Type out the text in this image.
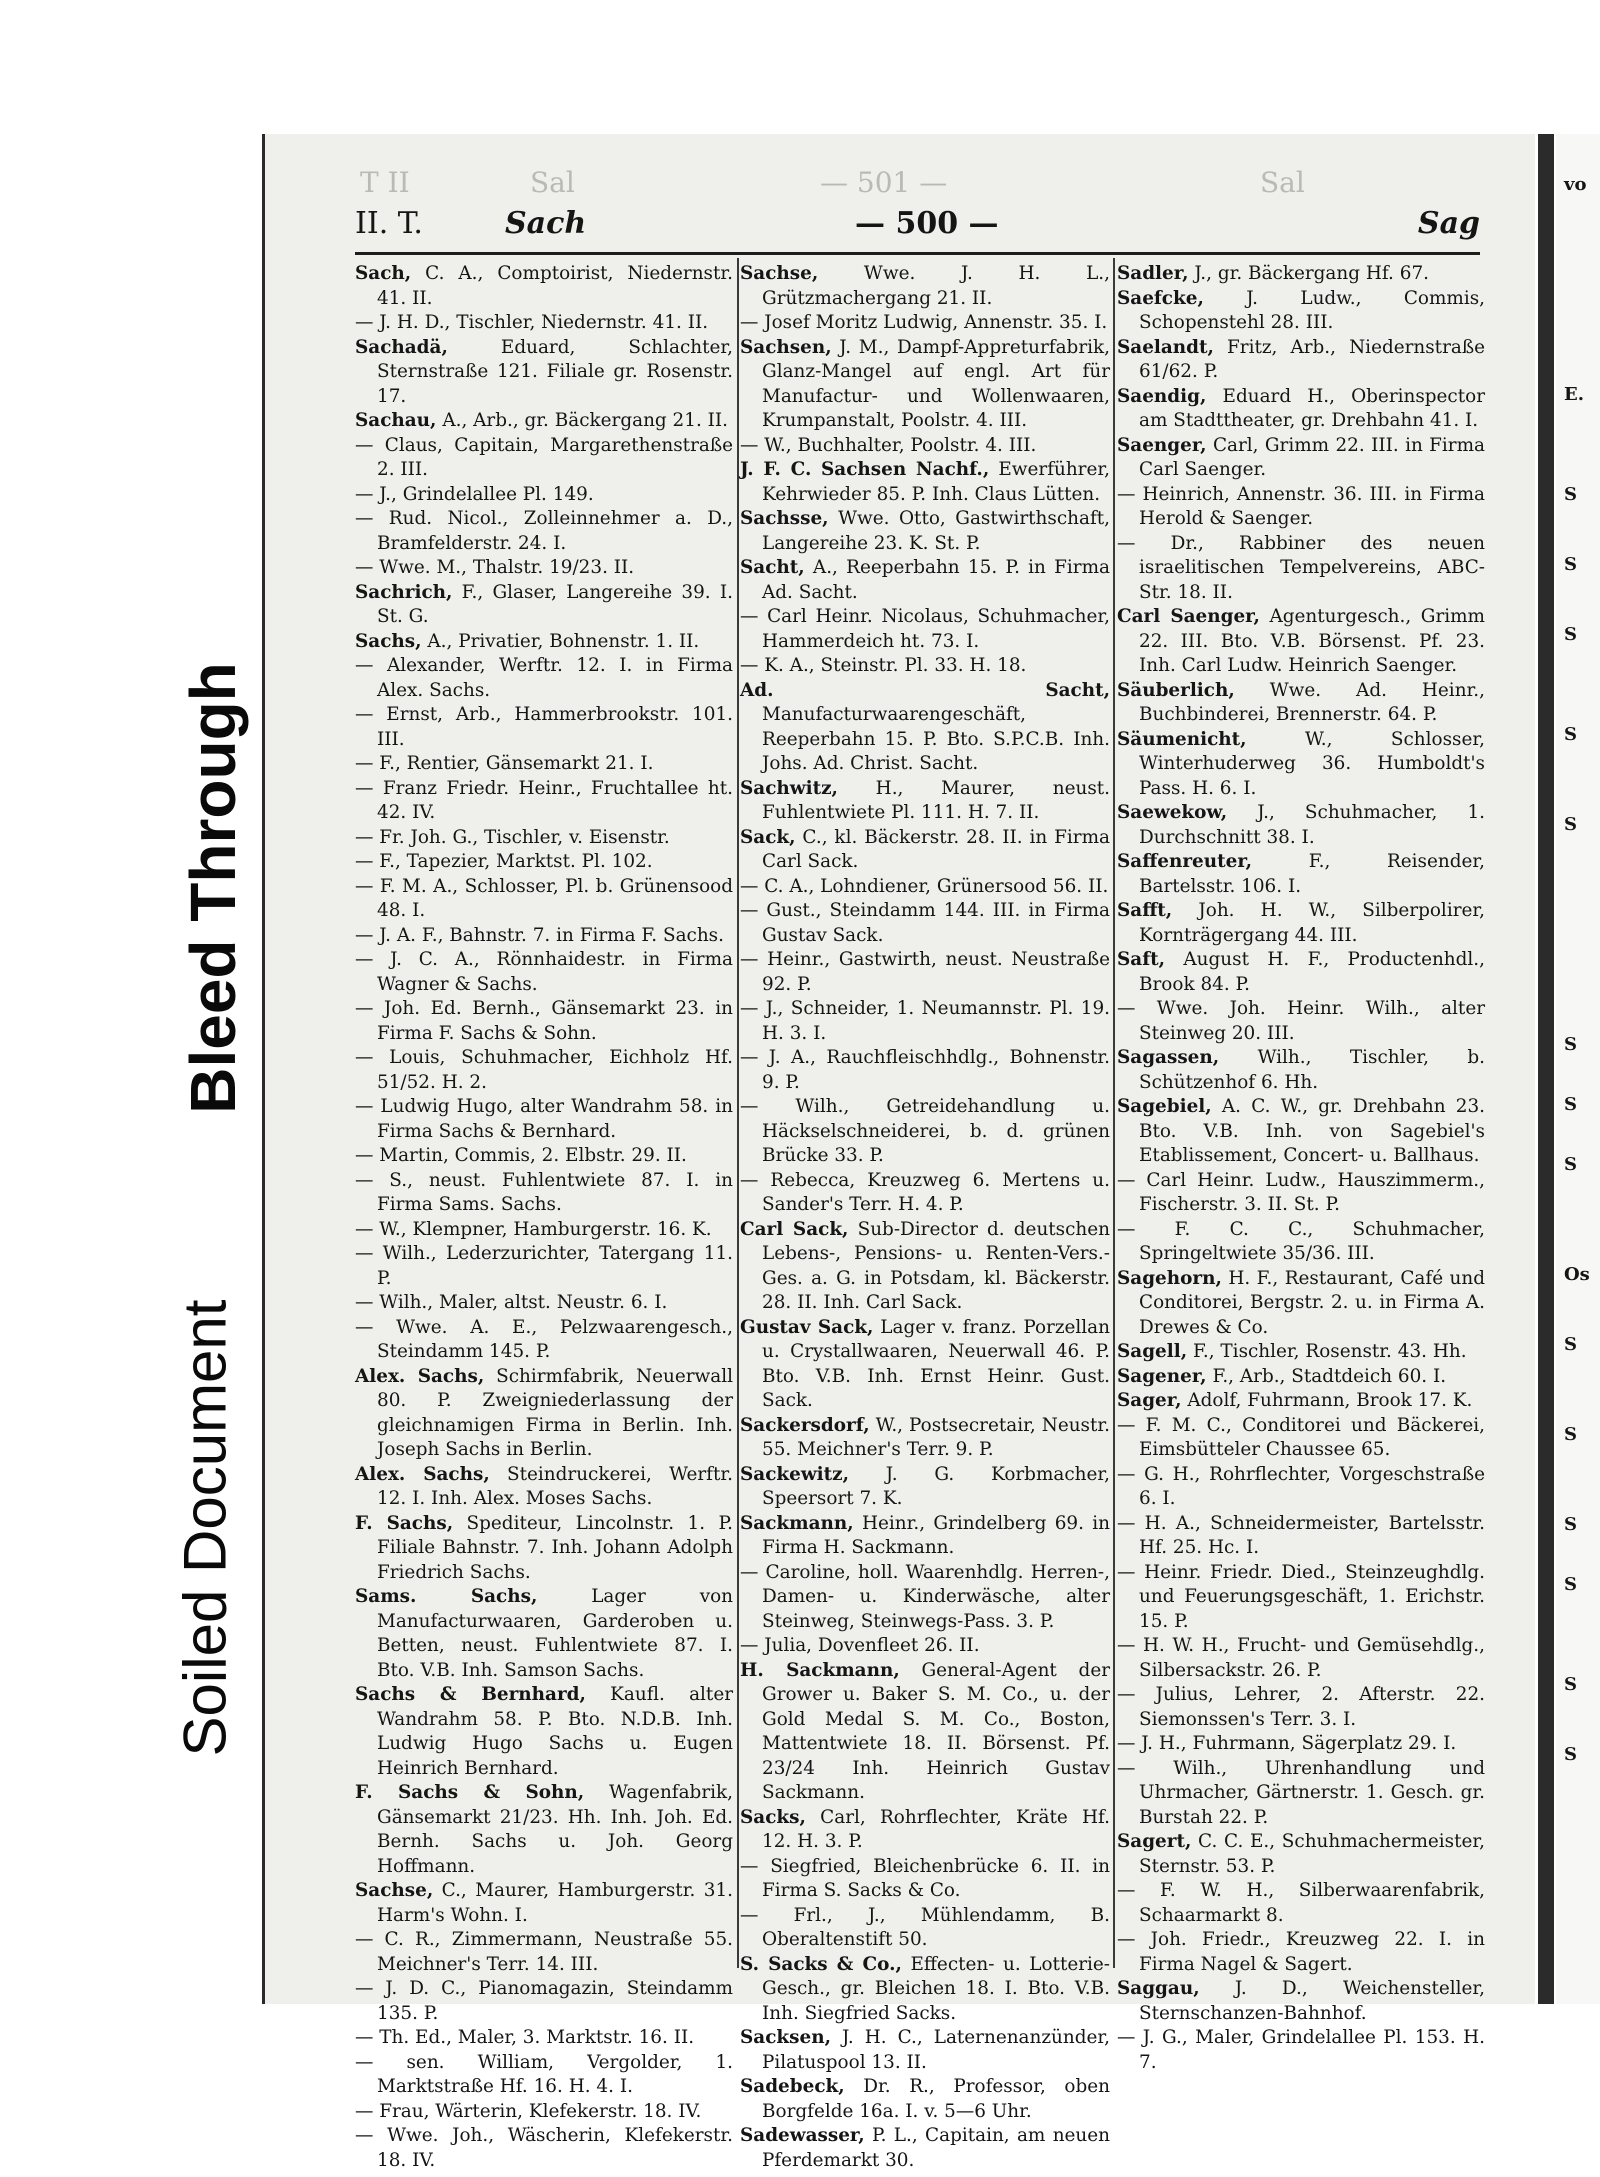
Bleed Through
Soiled Document
vo
E.
S
S
S
S
S
S
S
S
Os
S
S
S
S
S
S
T II	Sal	— 501 —	Sal
II. T.	Sach	— 500 —	Sag

Sach, C. A., Comptoirist, Niedernstr. 41. II.

— J. H. D., Tischler, Niedernstr. 41. II.

Sachadä, Eduard, Schlachter, Sternstraße 121. Filiale gr. Rosenstr. 17.

Sachau, A., Arb., gr. Bäckergang 21. II.

— Claus, Capitain, Margarethenstraße 2. III.

— J., Grindelallee Pl. 149.

— Rud. Nicol., Zolleinnehmer a. D., Bramfelderstr. 24. I.

— Wwe. M., Thalstr. 19/23. II.

Sachrich, F., Glaser, Langereihe 39. I. St. G.

Sachs, A., Privatier, Bohnenstr. 1. II.

— Alexander, Werftr. 12. I. in Firma Alex. Sachs.

— Ernst, Arb., Hammerbrookstr. 101. III.

— F., Rentier, Gänsemarkt 21. I.

— Franz Friedr. Heinr., Fruchtallee ht. 42. IV.

— Fr. Joh. G., Tischler, v. Eisenstr.

— F., Tapezier, Marktst. Pl. 102.

— F. M. A., Schlosser, Pl. b. Grünensood 48. I.

— J. A. F., Bahnstr. 7. in Firma F. Sachs.

— J. C. A., Rönnhaidestr. in Firma Wagner & Sachs.

— Joh. Ed. Bernh., Gänsemarkt 23. in Firma F. Sachs & Sohn.

— Louis, Schuhmacher, Eichholz Hf. 51/52. H. 2.

— Ludwig Hugo, alter Wandrahm 58. in Firma Sachs & Bernhard.

— Martin, Commis, 2. Elbstr. 29. II.

— S., neust. Fuhlentwiete 87. I. in Firma Sams. Sachs.

— W., Klempner, Hamburgerstr. 16. K.

— Wilh., Lederzurichter, Tatergang 11. P.

— Wilh., Maler, altst. Neustr. 6. I.

— Wwe. A. E., Pelzwaarengesch., Steindamm 145. P.

Alex. Sachs, Schirmfabrik, Neuerwall 80. P. Zweigniederlassung der gleichnamigen Firma in Berlin. Inh. Joseph Sachs in Berlin.

Alex. Sachs, Steindruckerei, Werftr. 12. I. Inh. Alex. Moses Sachs.

F. Sachs, Spediteur, Lincolnstr. 1. P. Filiale Bahnstr. 7. Inh. Johann Adolph Friedrich Sachs.

Sams. Sachs, Lager von Manufacturwaaren, Garderoben u. Betten, neust. Fuhlentwiete 87. I. Bto. V.B. Inh. Samson Sachs.

Sachs & Bernhard, Kaufl. alter Wandrahm 58. P. Bto. N.D.B. Inh. Ludwig Hugo Sachs u. Eugen Heinrich Bernhard.

F. Sachs & Sohn, Wagenfabrik, Gänsemarkt 21/23. Hh. Inh. Joh. Ed. Bernh. Sachs u. Joh. Georg Hoffmann.

Sachse, C., Maurer, Hamburgerstr. 31. Harm's Wohn. I.

— C. R., Zimmermann, Neustraße 55. Meichner's Terr. 14. III.

— J. D. C., Pianomagazin, Steindamm 135. P.

— Th. Ed., Maler, 3. Marktstr. 16. II.

— sen. William, Vergolder, 1. Marktstraße Hf. 16. H. 4. I.

— Frau, Wärterin, Klefekerstr. 18. IV.

— Wwe. Joh., Wäscherin, Klefekerstr. 18. IV.

Sachse, Wwe. J. H. L., Grützmachergang 21. II.

— Josef Moritz Ludwig, Annenstr. 35. I.

Sachsen, J. M., Dampf-Appreturfabrik, Glanz-Mangel auf engl. Art für Manufactur- und Wollenwaaren, Krumpanstalt, Poolstr. 4. III.

— W., Buchhalter, Poolstr. 4. III.

J. F. C. Sachsen Nachf., Ewerführer, Kehrwieder 85. P. Inh. Claus Lütten.

Sachsse, Wwe. Otto, Gastwirthschaft, Langereihe 23. K. St. P.

Sacht, A., Reeperbahn 15. P. in Firma Ad. Sacht.

— Carl Heinr. Nicolaus, Schuhmacher, Hammerdeich ht. 73. I.

— K. A., Steinstr. Pl. 33. H. 18.

Ad. Sacht, Manufacturwaarengeschäft, Reeperbahn 15. P. Bto. S.P.C.B. Inh. Johs. Ad. Christ. Sacht.

Sachwitz, H., Maurer, neust. Fuhlentwiete Pl. 111. H. 7. II.

Sack, C., kl. Bäckerstr. 28. II. in Firma Carl Sack.

— C. A., Lohndiener, Grünersood 56. II.

— Gust., Steindamm 144. III. in Firma Gustav Sack.

— Heinr., Gastwirth, neust. Neustraße 92. P.

— J., Schneider, 1. Neumannstr. Pl. 19. H. 3. I.

— J. A., Rauchfleischhdlg., Bohnenstr. 9. P.

— Wilh., Getreidehandlung u. Häckselschneiderei, b. d. grünen Brücke 33. P.

— Rebecca, Kreuzweg 6. Mertens u. Sander's Terr. H. 4. P.

Carl Sack, Sub-Director d. deutschen Lebens-, Pensions- u. Renten-Vers.-Ges. a. G. in Potsdam, kl. Bäckerstr. 28. II. Inh. Carl Sack.

Gustav Sack, Lager v. franz. Porzellan u. Crystallwaaren, Neuerwall 46. P. Bto. V.B. Inh. Ernst Heinr. Gust. Sack.

Sackersdorf, W., Postsecretair, Neustr. 55. Meichner's Terr. 9. P.

Sackewitz, J. G. Korbmacher, Speersort 7. K.

Sackmann, Heinr., Grindelberg 69. in Firma H. Sackmann.

— Caroline, holl. Waarenhdlg. Herren-, Damen- u. Kinderwäsche, alter Steinweg, Steinwegs-Pass. 3. P.

— Julia, Dovenfleet 26. II.

H. Sackmann, General-Agent der Grower u. Baker S. M. Co., u. der Gold Medal S. M. Co., Boston, Mattentwiete 18. II. Börsenst. Pf. 23/24 Inh. Heinrich Gustav Sackmann.

Sacks, Carl, Rohrflechter, Kräte Hf. 12. H. 3. P.

— Siegfried, Bleichenbrücke 6. II. in Firma S. Sacks & Co.

— Frl., J., Mühlendamm, B. Oberaltenstift 50.

S. Sacks & Co., Effecten- u. Lotterie-Gesch., gr. Bleichen 18. I. Bto. V.B. Inh. Siegfried Sacks.

Sacksen, J. H. C., Laternenanzünder, Pilatuspool 13. II.

Sadebeck, Dr. R., Professor, oben Borgfelde 16a. I. v. 5—6 Uhr.

Sadewasser, P. L., Capitain, am neuen Pferdemarkt 30.

Sadler, J., gr. Bäckergang Hf. 67.

Saefcke, J. Ludw., Commis, Schopenstehl 28. III.

Saelandt, Fritz, Arb., Niedernstraße 61/62. P.

Saendig, Eduard H., Oberinspector am Stadttheater, gr. Drehbahn 41. I.

Saenger, Carl, Grimm 22. III. in Firma Carl Saenger.

— Heinrich, Annenstr. 36. III. in Firma Herold & Saenger.

— Dr., Rabbiner des neuen israelitischen Tempelvereins, ABC-Str. 18. II.

Carl Saenger, Agenturgesch., Grimm 22. III. Bto. V.B. Börsenst. Pf. 23. Inh. Carl Ludw. Heinrich Saenger.

Säuberlich, Wwe. Ad. Heinr., Buchbinderei, Brennerstr. 64. P.

Säumenicht, W., Schlosser, Winterhuderweg 36. Humboldt's Pass. H. 6. I.

Saewekow, J., Schuhmacher, 1. Durchschnitt 38. I.

Saffenreuter, F., Reisender, Bartelsstr. 106. I.

Safft, Joh. H. W., Silberpolirer, Kornträgergang 44. III.

Saft, August H. F., Productenhdl., Brook 84. P.

— Wwe. Joh. Heinr. Wilh., alter Steinweg 20. III.

Sagassen, Wilh., Tischler, b. Schützenhof 6. Hh.

Sagebiel, A. C. W., gr. Drehbahn 23. Bto. V.B. Inh. von Sagebiel's Etablissement, Concert- u. Ballhaus.

— Carl Heinr. Ludw., Hauszimmerm., Fischerstr. 3. II. St. P.

— F. C. C., Schuhmacher, Springeltwiete 35/36. III.

Sagehorn, H. F., Restaurant, Café und Conditorei, Bergstr. 2. u. in Firma A. Drewes & Co.

Sagell, F., Tischler, Rosenstr. 43. Hh.

Sagener, F., Arb., Stadtdeich 60. I.

Sager, Adolf, Fuhrmann, Brook 17. K.

— F. M. C., Conditorei und Bäckerei, Eimsbütteler Chaussee 65.

— G. H., Rohrflechter, Vorgeschstraße 6. I.

— H. A., Schneidermeister, Bartelsstr. Hf. 25. Hc. I.

— Heinr. Friedr. Died., Steinzeughdlg. und Feuerungsgeschäft, 1. Erichstr. 15. P.

— H. W. H., Frucht- und Gemüsehdlg., Silbersackstr. 26. P.

— Julius, Lehrer, 2. Afterstr. 22. Siemonssen's Terr. 3. I.

— J. H., Fuhrmann, Sägerplatz 29. I.

— Wilh., Uhrenhandlung und Uhrmacher, Gärtnerstr. 1. Gesch. gr. Burstah 22. P.

Sagert, C. C. E., Schuhmachermeister, Sternstr. 53. P.

— F. W. H., Silberwaarenfabrik, Schaarmarkt 8.

— Joh. Friedr., Kreuzweg 22. I. in Firma Nagel & Sagert.

Saggau, J. D., Weichensteller, Sternschanzen-Bahnhof.

— J. G., Maler, Grindelallee Pl. 153. H. 7.
